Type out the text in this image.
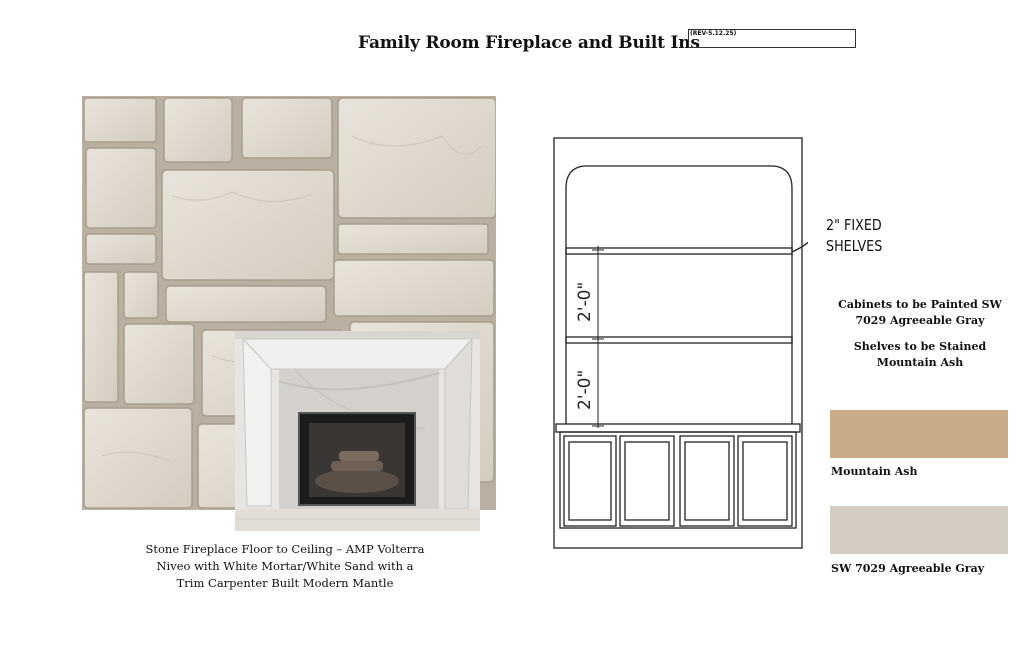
Family Room Fireplace and Built Ins
(REV-5.12.25)
Stone Fireplace Floor to Ceiling – AMP Volterra
Niveo with White Mortar/White Sand with a
Trim Carpenter Built Modern Mantle
2'-0"
2'-0"
2" FIXED
SHELVES
Cabinets to be Painted SW 7029 Agreeable Gray
Shelves to be Stained Mountain Ash
Mountain Ash
SW 7029 Agreeable Gray
